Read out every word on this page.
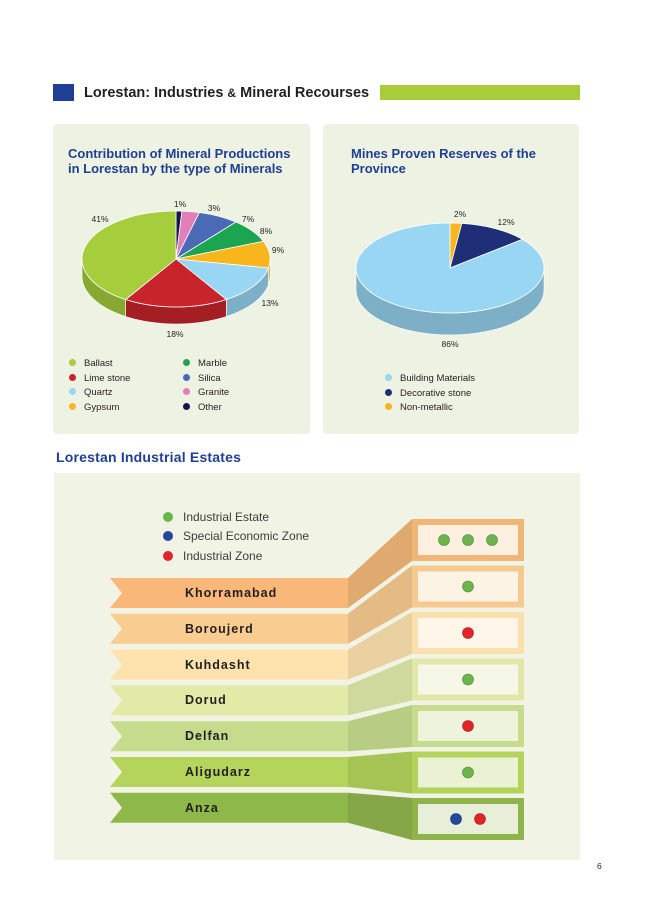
Lorestan: Industries & Mineral Recourses
Contribution of Mineral Productions
in Lorestan by the type of Minerals
1%	3%
7%
8%
9%
13%
18%
41%
Ballast
Lime stone
Quartz
Gypsum
Marble
Silica
Granite
Other
Mines Proven Reserves of the
Province
2%
12%
86%
Building Materials
Decorative stone
Non-metallic
Lorestan Industrial Estates
Industrial Estate
Special Economic Zone
Industrial Zone
Khorramabad
Boroujerd
Kuhdasht
Dorud
Delfan
Aligudarz
Anza
6
